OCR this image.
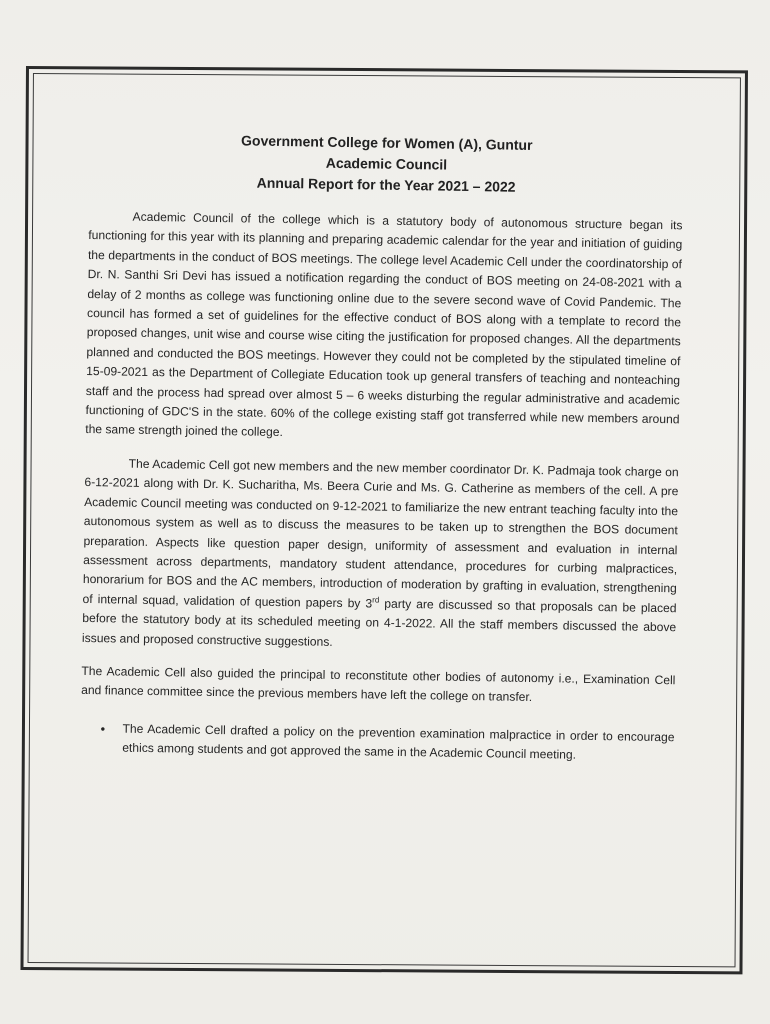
Government College for Women (A), Guntur
Academic Council
Annual Report for the Year 2021 – 2022

Academic Council of the college which is a statutory body of autonomous structure began its functioning for this year with its planning and preparing academic calendar for the year and initiation of guiding the departments in the conduct of BOS meetings. The college level Academic Cell under the coordinatorship of Dr. N. Santhi Sri Devi has issued a notification regarding the conduct of BOS meeting on 24-08-2021 with a delay of 2 months as college was functioning online due to the severe second wave of Covid Pandemic. The council has formed a set of guidelines for the effective conduct of BOS along with a template to record the proposed changes, unit wise and course wise citing the justification for proposed changes. All the departments planned and conducted the BOS meetings. However they could not be completed by the stipulated timeline of 15-09-2021 as the Department of Collegiate Education took up general transfers of teaching and nonteaching staff and the process had spread over almost 5 – 6 weeks disturbing the regular administrative and academic functioning of GDC'S in the state. 60% of the college existing staff got transferred while new members around the same strength joined the college.

The Academic Cell got new members and the new member coordinator Dr. K. Padmaja took charge on 6-12-2021 along with Dr. K. Sucharitha, Ms. Beera Curie and Ms. G. Catherine as members of the cell. A pre Academic Council meeting was conducted on 9-12-2021 to familiarize the new entrant teaching faculty into the autonomous system as well as to discuss the measures to be taken up to strengthen the BOS document preparation. Aspects like question paper design, uniformity of assessment and evaluation in internal assessment across departments, mandatory student attendance, procedures for curbing malpractices, honorarium for BOS and the AC members, introduction of moderation by grafting in evaluation, strengthening of internal squad, validation of question papers by 3rd party are discussed so that proposals can be placed before the statutory body at its scheduled meeting on 4-1-2022. All the staff members discussed the above issues and proposed constructive suggestions.

The Academic Cell also guided the principal to reconstitute other bodies of autonomy i.e., Examination Cell and finance committee since the previous members have left the college on transfer.

• The Academic Cell drafted a policy on the prevention examination malpractice in order to encourage ethics among students and got approved the same in the Academic Council meeting.
